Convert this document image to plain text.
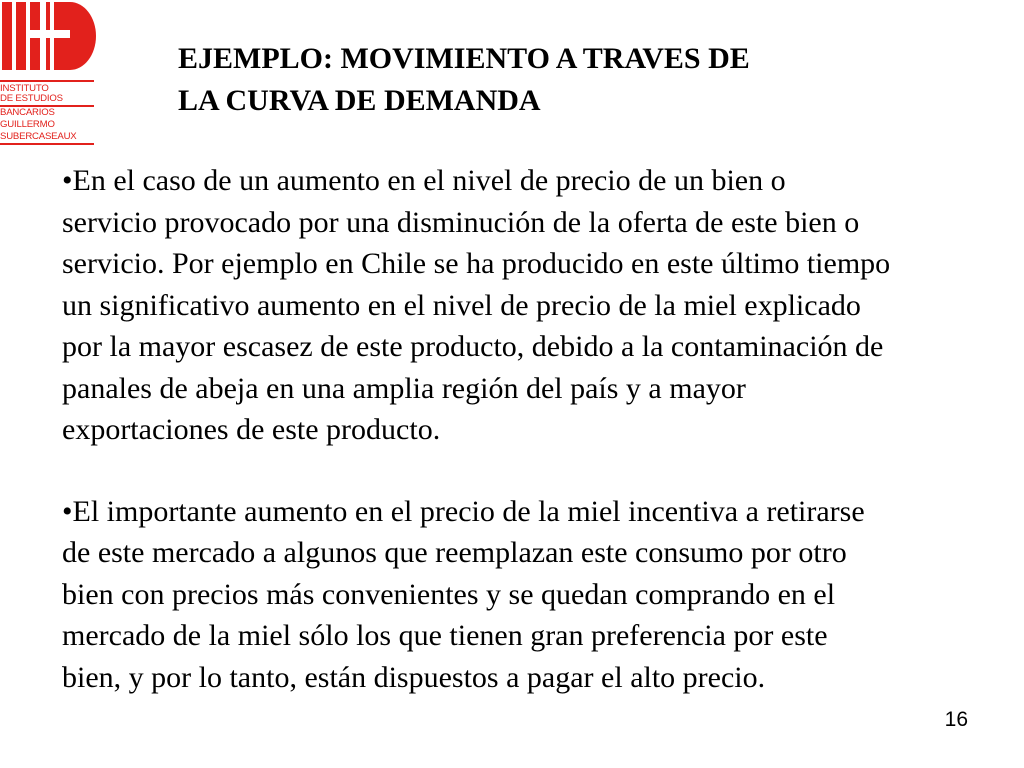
INSTITUTO
DE ESTUDIOS
BANCARIOS
GUILLERMO
SUBERCASEAUX
EJEMPLO: MOVIMIENTO A TRAVES DE
LA CURVA DE DEMANDA

•En el caso de un aumento en el nivel de precio de un bien o

servicio provocado por una disminución de la oferta de este bien o

servicio. Por ejemplo en Chile se ha producido en este último tiempo

un significativo aumento en el nivel de precio de la miel explicado

por la mayor escasez de este producto, debido a la contaminación de

panales de abeja en una amplia región del país y a mayor

exportaciones de este producto.

•El importante aumento en el precio de la miel incentiva a retirarse

de este mercado a algunos que reemplazan este consumo por otro

bien con precios más convenientes y se quedan comprando en el

mercado de la miel sólo los que tienen gran preferencia por este

bien, y por lo tanto, están dispuestos a pagar el alto precio.

16
